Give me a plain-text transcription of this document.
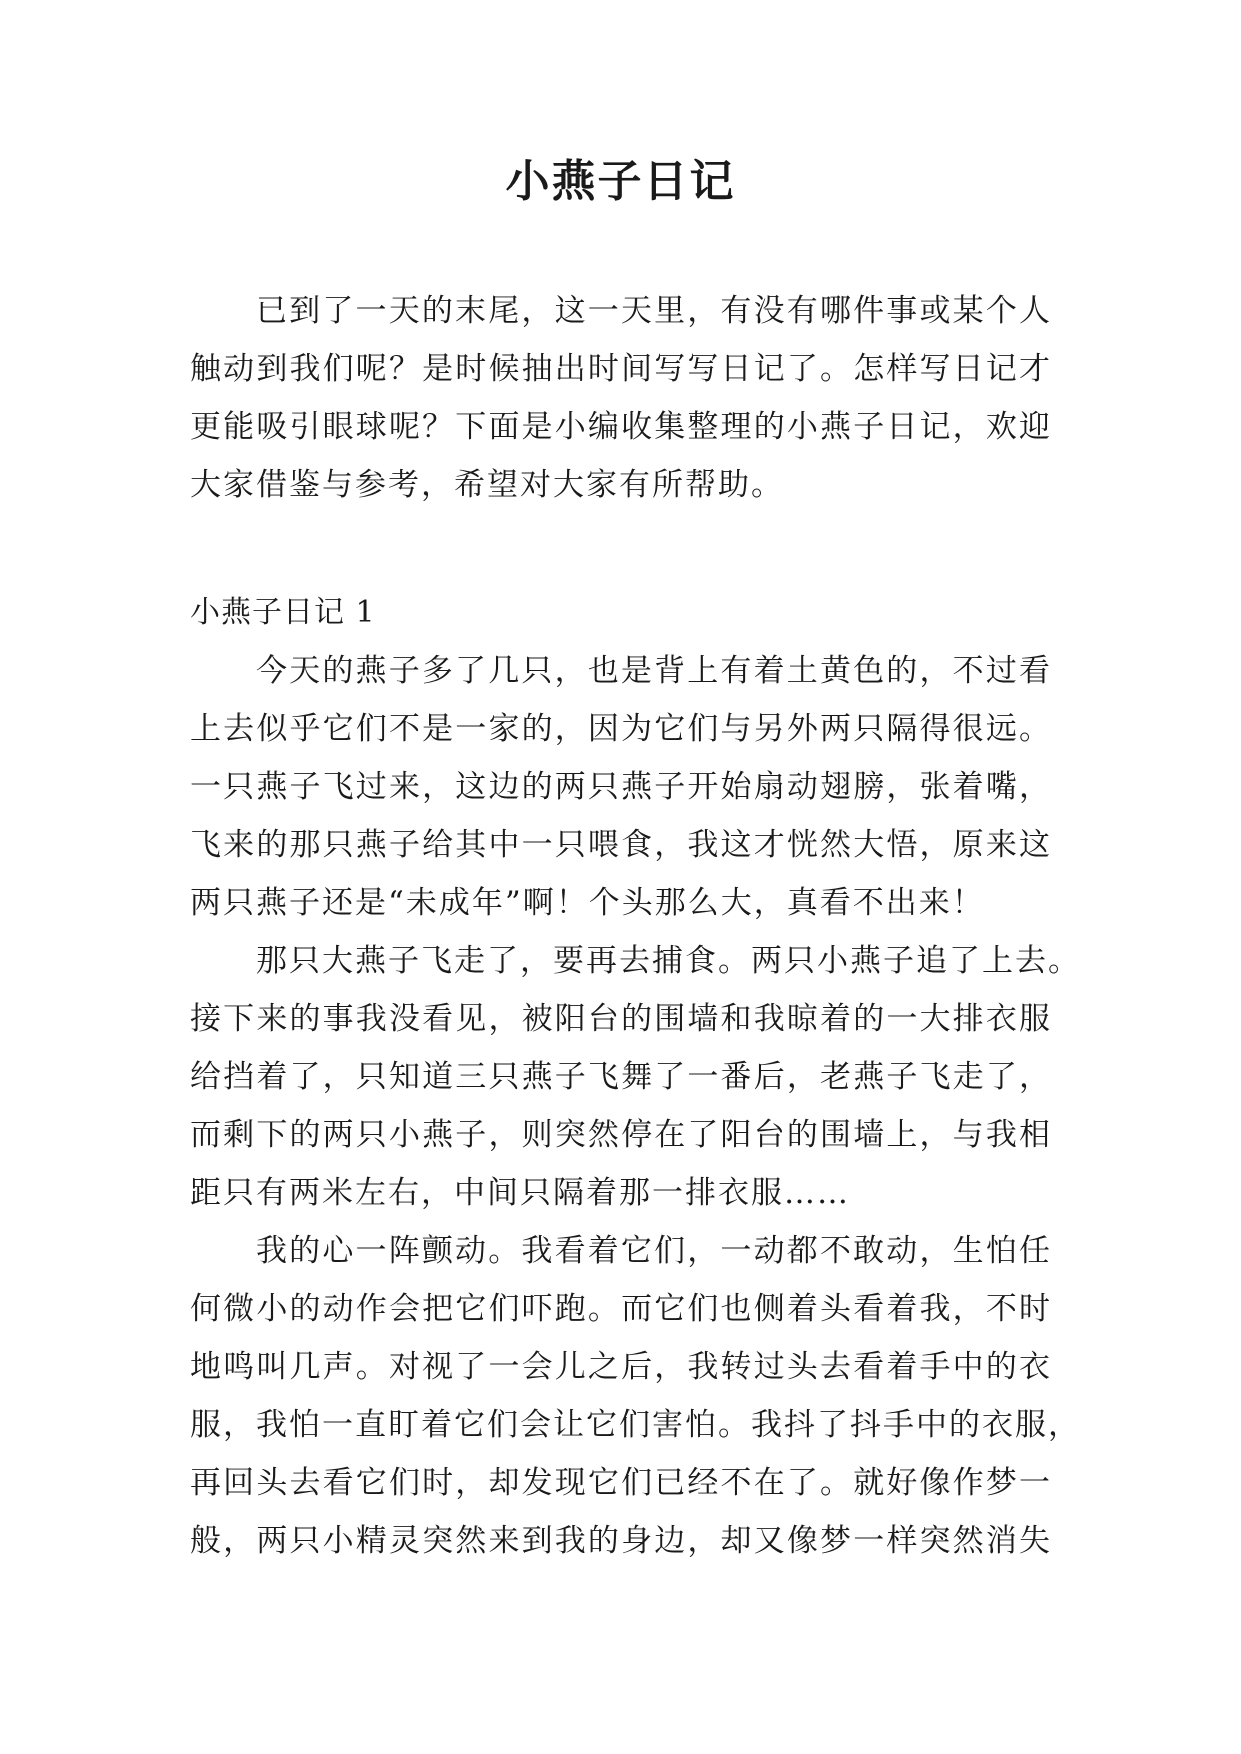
小燕子日记
已到了一天的末尾，这一天里，有没有哪件事或某个人
触动到我们呢？是时候抽出时间写写日记了。怎样写日记才
更能吸引眼球呢？下面是小编收集整理的小燕子日记，欢迎
大家借鉴与参考，希望对大家有所帮助。
小燕子日记 1
今天的燕子多了几只，也是背上有着土黄色的，不过看
上去似乎它们不是一家的，因为它们与另外两只隔得很远。
一只燕子飞过来，这边的两只燕子开始扇动翅膀，张着嘴，
飞来的那只燕子给其中一只喂食，我这才恍然大悟，原来这
两只燕子还是“未成年”啊！个头那么大，真看不出来！
那只大燕子飞走了，要再去捕食。两只小燕子追了上去。
接下来的事我没看见，被阳台的围墙和我晾着的一大排衣服
给挡着了，只知道三只燕子飞舞了一番后，老燕子飞走了，
而剩下的两只小燕子，则突然停在了阳台的围墙上，与我相
距只有两米左右，中间只隔着那一排衣服……
我的心一阵颤动。我看着它们，一动都不敢动，生怕任
何微小的动作会把它们吓跑。而它们也侧着头看着我，不时
地鸣叫几声。对视了一会儿之后，我转过头去看着手中的衣
服，我怕一直盯着它们会让它们害怕。我抖了抖手中的衣服，
再回头去看它们时，却发现它们已经不在了。就好像作梦一
般，两只小精灵突然来到我的身边，却又像梦一样突然消失
